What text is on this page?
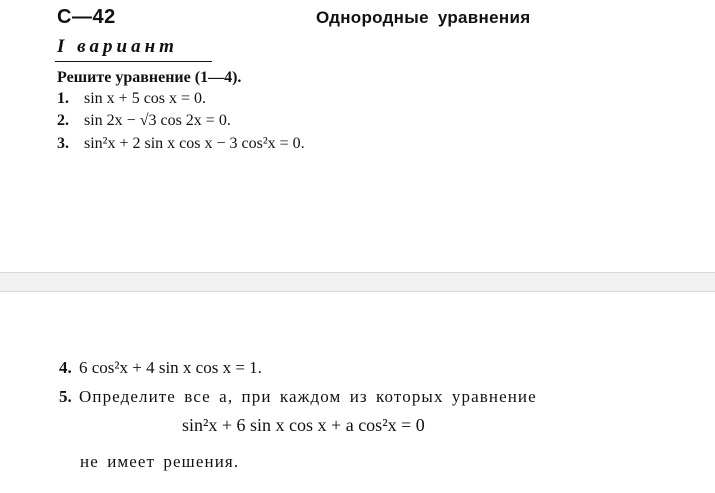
С—42	Однородные уравнения
I вариант
Решите уравнение (1—4).
1. sin x + 5 cos x = 0.
2. sin 2x − √3 cos 2x = 0.
3. sin²x + 2 sin x cos x − 3 cos²x = 0.
4. 6 cos²x + 4 sin x cos x = 1.
5. Определите все a, при каждом из которых уравнение
sin²x + 6 sin x cos x + a cos²x = 0
не имеет решения.
